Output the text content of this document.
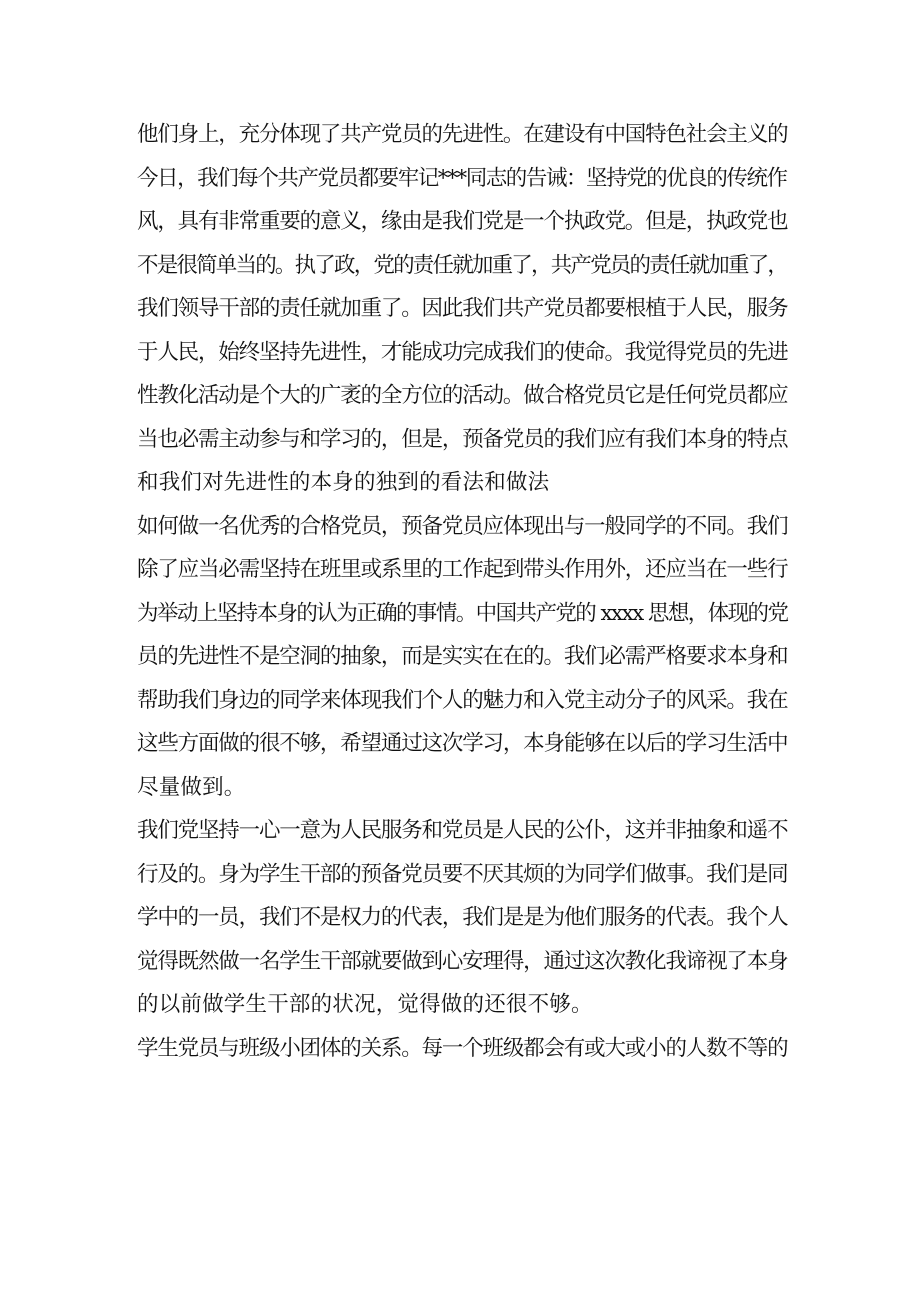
他们身上，充分体现了共产党员的先进性。在建设有中国特色社会主义的
今日，我们每个共产党员都要牢记***同志的告诫：坚持党的优良的传统作
风，具有非常重要的意义，缘由是我们党是一个执政党。但是，执政党也
不是很简单当的。执了政，党的责任就加重了，共产党员的责任就加重了，
我们领导干部的责任就加重了。因此我们共产党员都要根植于人民，服务
于人民，始终坚持先进性，才能成功完成我们的使命。我觉得党员的先进
性教化活动是个大的广袤的全方位的活动。做合格党员它是任何党员都应
当也必需主动参与和学习的，但是，预备党员的我们应有我们本身的特点
和我们对先进性的本身的独到的看法和做法

如何做一名优秀的合格党员，预备党员应体现出与一般同学的不同。我们
除了应当必需坚持在班里或系里的工作起到带头作用外，还应当在一些行
为举动上坚持本身的认为正确的事情。中国共产党的 xxxx 思想，体现的党
员的先进性不是空洞的抽象，而是实实在在的。我们必需严格要求本身和
帮助我们身边的同学来体现我们个人的魅力和入党主动分子的风采。我在
这些方面做的很不够，希望通过这次学习，本身能够在以后的学习生活中
尽量做到。

我们党坚持一心一意为人民服务和党员是人民的公仆，这并非抽象和遥不
行及的。身为学生干部的预备党员要不厌其烦的为同学们做事。我们是同
学中的一员，我们不是权力的代表，我们是是为他们服务的代表。我个人
觉得既然做一名学生干部就要做到心安理得，通过这次教化我谛视了本身
的以前做学生干部的状况，觉得做的还很不够。

学生党员与班级小团体的关系。每一个班级都会有或大或小的人数不等的
